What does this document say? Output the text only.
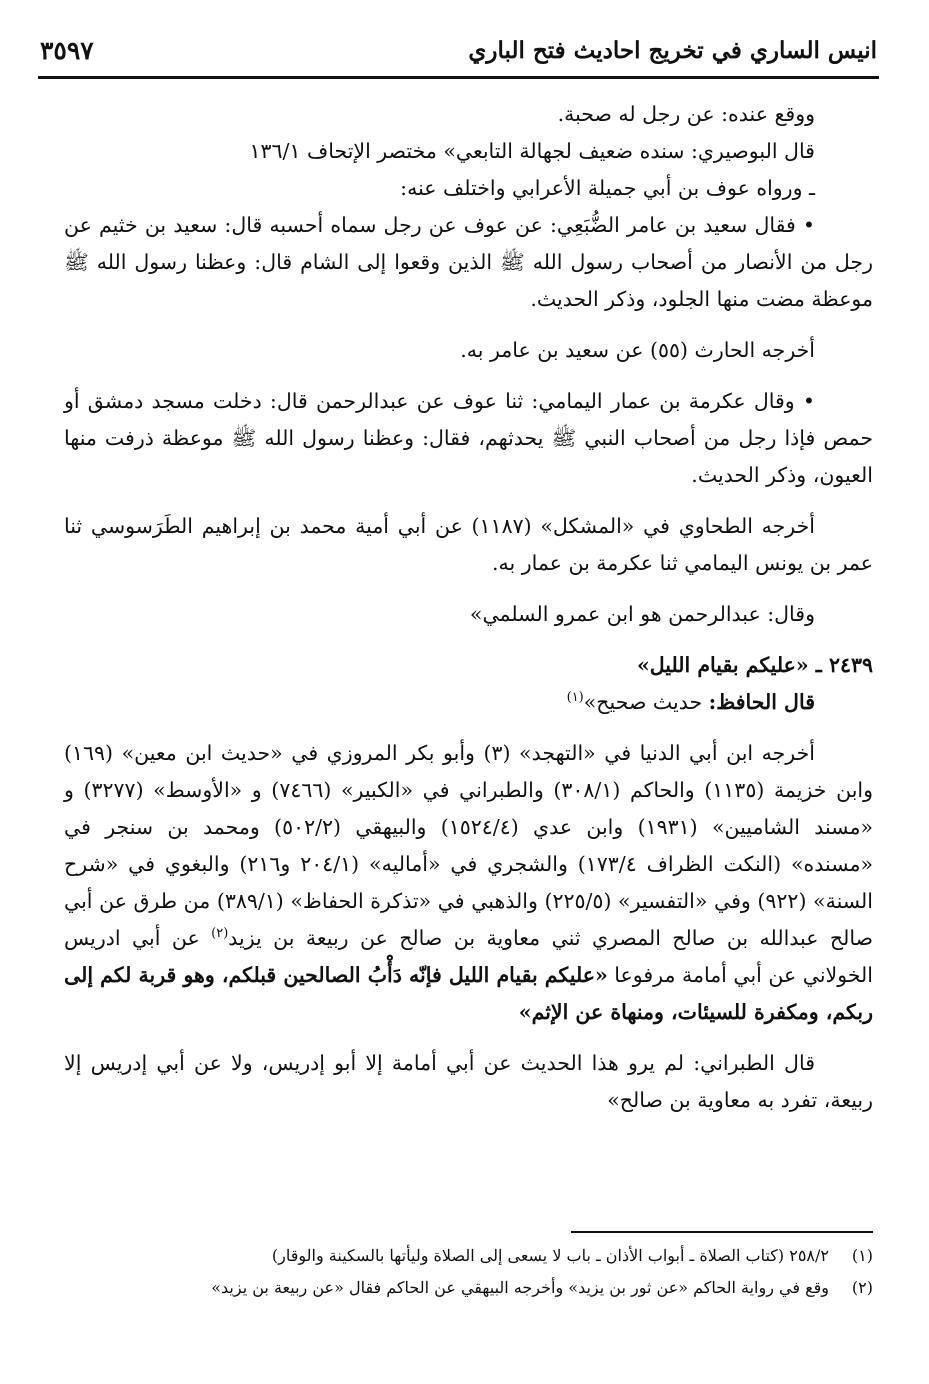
انيس الساري في تخريج احاديث فتح الباري
٣٥٩٧

ووقع عنده: عن رجل له صحبة.

قال البوصيري: سنده ضعيف لجهالة التابعي» مختصر الإتحاف ١٣٦/١

ـ ورواه عوف بن أبي جميلة الأعرابي واختلف عنه:

• فقال سعيد بن عامر الضُّبَعِي: عن عوف عن رجل سماه أحسبه قال: سعيد بن خثيم عن رجل من الأنصار من أصحاب رسول الله ﷺ الذين وقعوا إلى الشام قال: وعظنا رسول الله ﷺ موعظة مضت منها الجلود، وذكر الحديث.

أخرجه الحارث (٥٥) عن سعيد بن عامر به.

• وقال عكرمة بن عمار اليمامي: ثنا عوف عن عبدالرحمن قال: دخلت مسجد دمشق أو حمص فإذا رجل من أصحاب النبي ﷺ يحدثهم، فقال: وعظنا رسول الله ﷺ موعظة ذرفت منها العيون، وذكر الحديث.

أخرجه الطحاوي في «المشكل» (١١٨٧) عن أبي أمية محمد بن إبراهيم الطَرَسوسي ثنا عمر بن يونس اليمامي ثنا عكرمة بن عمار به.

وقال: عبدالرحمن هو ابن عمرو السلمي»

٢٤٣٩ ـ «عليكم بقيام الليل»

قال الحافظ: حديث صحيح»$^{(١)}$

أخرجه ابن أبي الدنيا في «التهجد» (٣) وأبو بكر المروزي في «حديث ابن معين» (١٦٩) وابن خزيمة (١١٣٥) والحاكم (٣٠٨/١) والطبراني في «الكبير» (٧٤٦٦) و «الأوسط» (٣٢٧٧) و «مسند الشاميين» (١٩٣١) وابن عدي (١٥٢٤/٤) والبيهقي (٥٠٢/٢) ومحمد بن سنجر في «مسنده» (النكت الظراف ١٧٣/٤) والشجري في «أماليه» (٢٠٤/١ و٢١٦) والبغوي في «شرح السنة» (٩٢٢) وفي «التفسير» (٢٢٥/٥) والذهبي في «تذكرة الحفاظ» (٣٨٩/١) من طرق عن أبي صالح عبدالله بن صالح المصري ثني معاوية بن صالح عن ربيعة بن يزيد$^{(٢)}$ عن أبي ادريس الخولاني عن أبي أمامة مرفوعا «عليكم بقيام الليل فإنّه دَأْبُ الصالحين قبلكم، وهو قربة لكم إلى ربكم، ومكفرة للسيئات، ومنهاة عن الإثم»

قال الطبراني: لم يرو هذا الحديث عن أبي أمامة إلا أبو إدريس، ولا عن أبي إدريس إلا ربيعة، تفرد به معاوية بن صالح»

(١)٢٥٨/٢ (كتاب الصلاة ـ أبواب الأذان ـ باب لا يسعى إلى الصلاة وليأتها بالسكينة والوقار)
(٢)وقع في رواية الحاكم «عن ثور بن يزيد» وأخرجه البيهقي عن الحاكم فقال «عن ربيعة بن يزيد»
